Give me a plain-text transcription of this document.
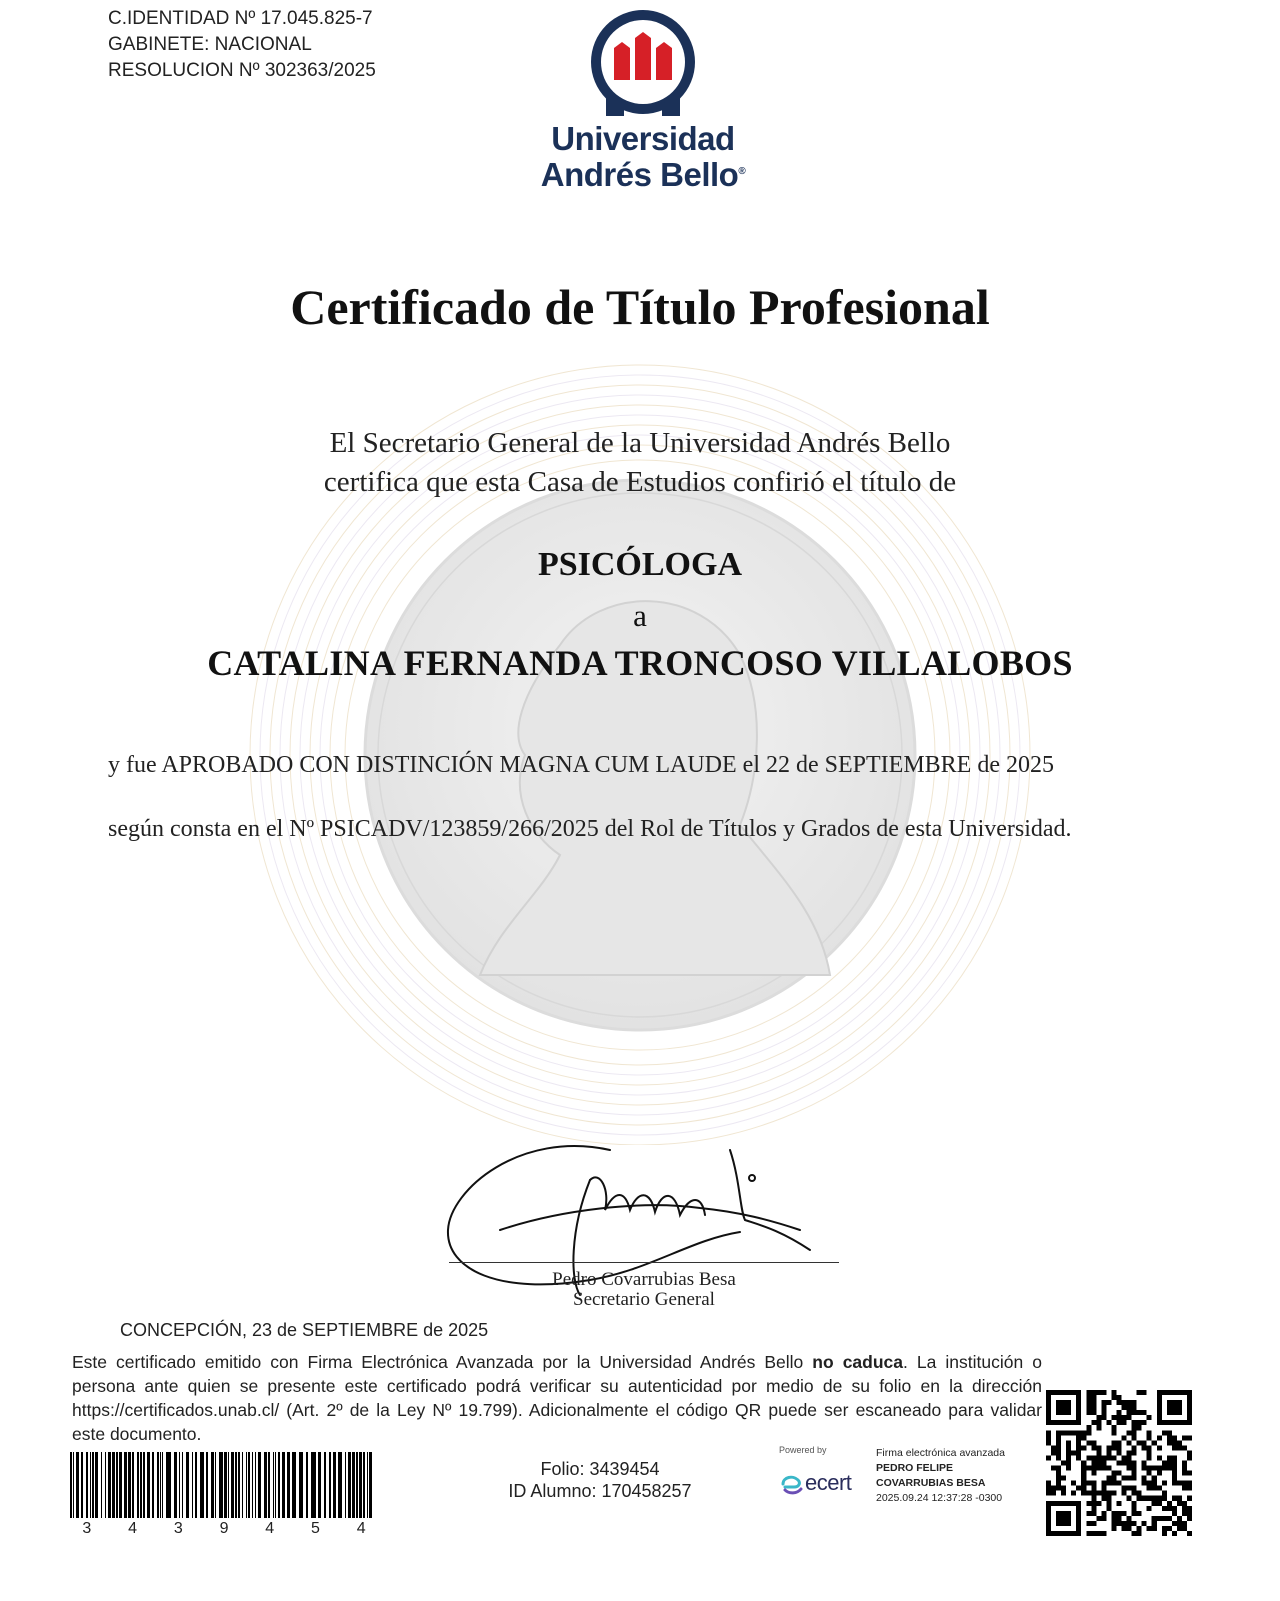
C.IDENTIDAD Nº 17.045.825-7
GABINETE: NACIONAL
RESOLUCION Nº 302363/2025
Universidad
Andrés Bello®
Certificado de Título Profesional
El Secretario General de la Universidad Andrés Bello
certifica que esta Casa de Estudios confirió el título de
PSICÓLOGA
a
CATALINA FERNANDA TRONCOSO VILLALOBOS
y fue APROBADO CON DISTINCIÓN MAGNA CUM LAUDE el 22 de SEPTIEMBRE de 2025
según consta en el Nº PSICADV/123859/266/2025 del Rol de Títulos y Grados de esta Universidad.
Pedro Covarrubias Besa
Secretario General
CONCEPCIÓN, 23 de SEPTIEMBRE de 2025
Este certificado emitido con Firma Electrónica Avanzada por la Universidad Andrés Bello no caduca. La institución o persona ante quien se presente este certificado podrá verificar su autenticidad por medio de su folio en la dirección https://certificados.unab.cl/ (Art. 2º de la Ley Nº 19.799). Adicionalmente el código QR puede ser escaneado para validar este documento.
3	4	3	9	4	5	4
Folio: 3439454
ID Alumno: 170458257
Powered by
ecert
Firma electrónica avanzada
PEDRO FELIPE
COVARRUBIAS BESA
2025.09.24 12:37:28 -0300
